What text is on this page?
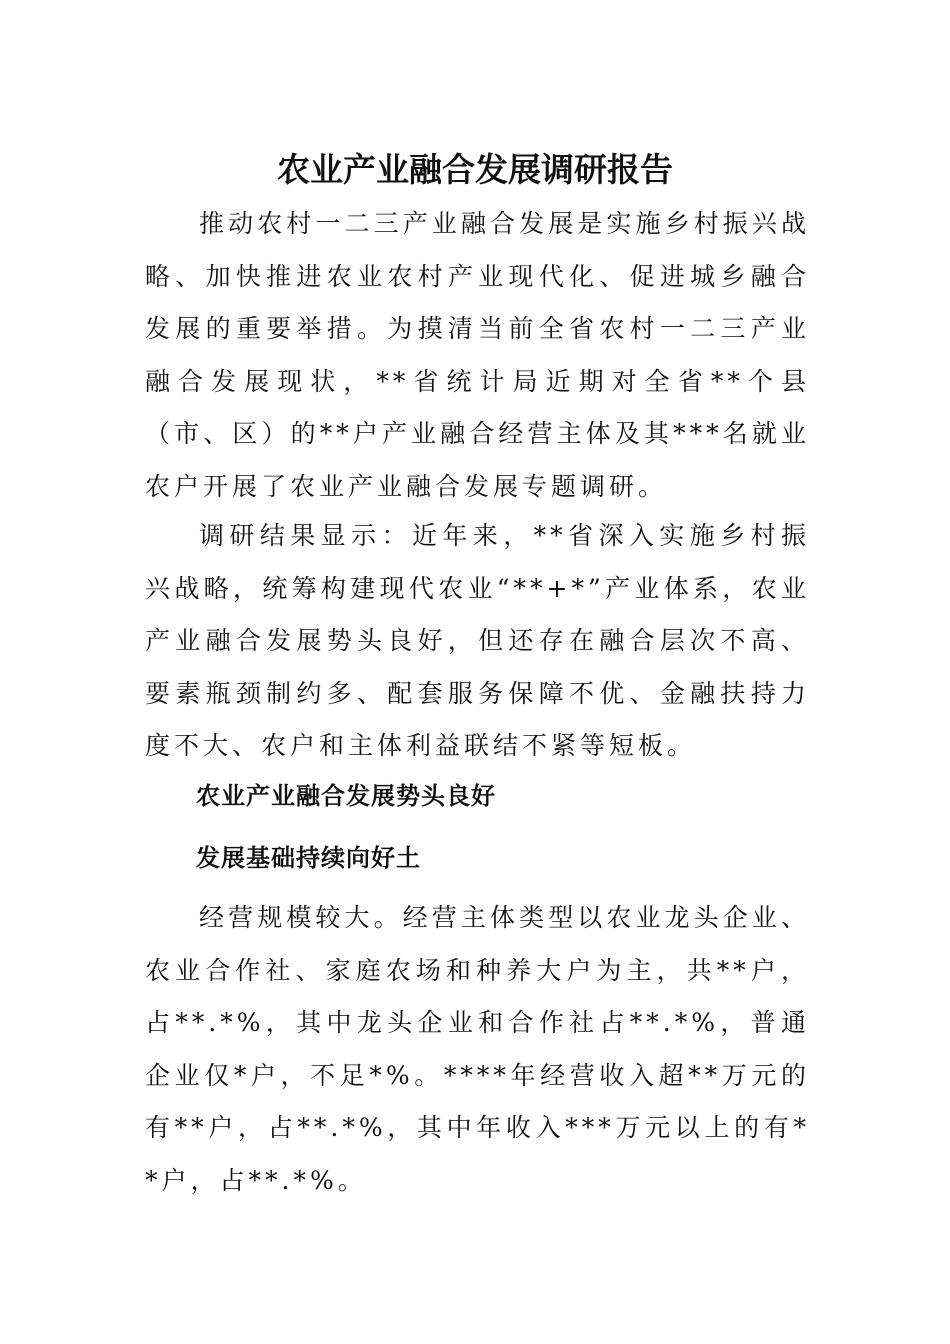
农业产业融合发展调研报告

推动农村一二三产业融合发展是实施乡村振兴战略、加快推进农业农村产业现代化、促进城乡融合发展的重要举措。为摸清当前全省农村一二三产业融合发展现状，**省统计局近期对全省**个县（市、区）的**户产业融合经营主体及其***名就业农户开展了农业产业融合发展专题调研。

调研结果显示：近年来，**省深入实施乡村振兴战略，统筹构建现代农业“**+*”产业体系，农业产业融合发展势头良好，但还存在融合层次不高、要素瓶颈制约多、配套服务保障不优、金融扶持力度不大、农户和主体利益联结不紧等短板。

农业产业融合发展势头良好
发展基础持续向好土

经营规模较大。经营主体类型以农业龙头企业、农业合作社、家庭农场和种养大户为主，共**户，占**.*%，其中龙头企业和合作社占**.*%，普通企业仅*户，不足*%。****年经营收入超**万元的有**户，占**.*%，其中年收入***万元以上的有**户，占**.*%。
